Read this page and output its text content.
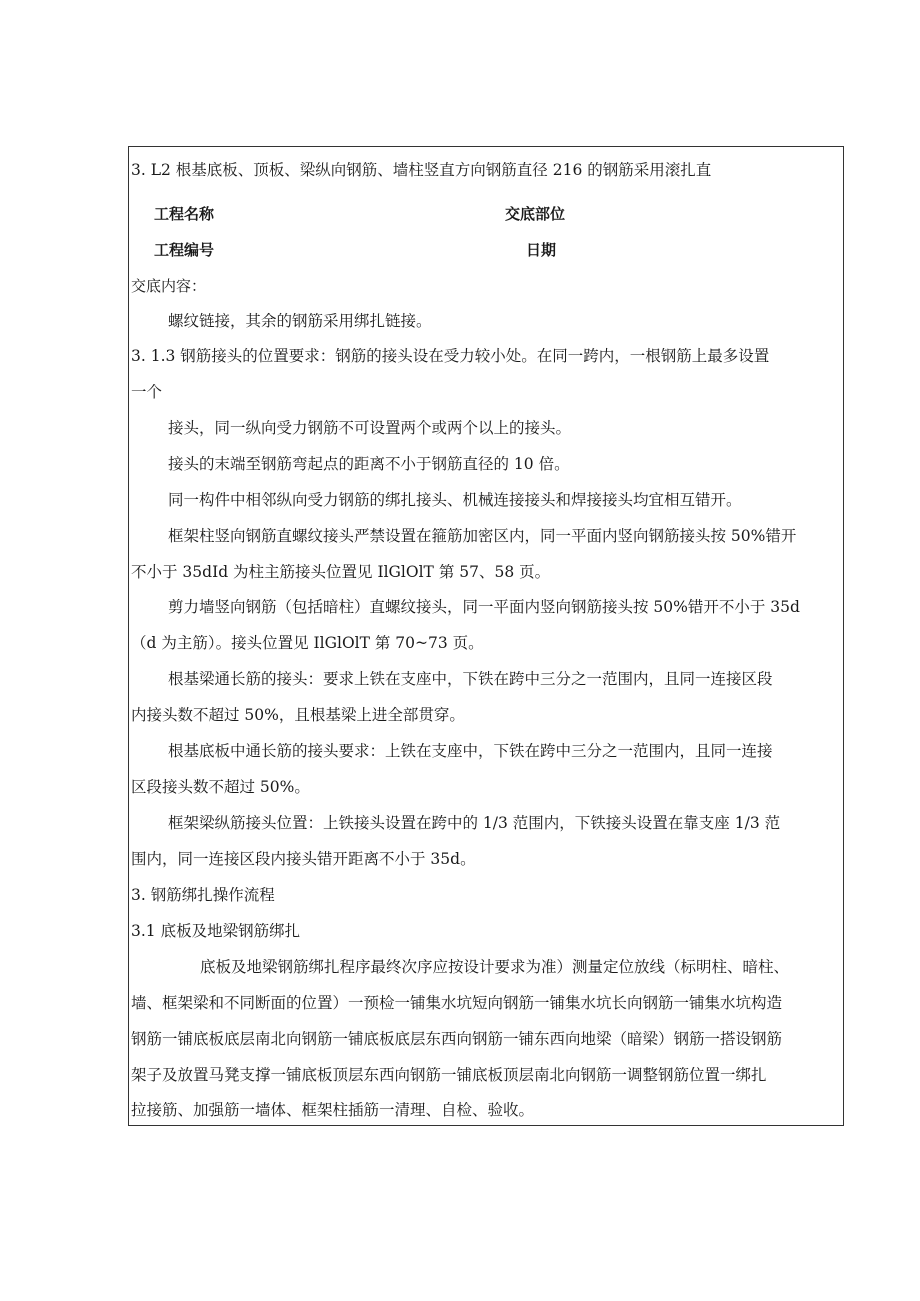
3. L2 根基底板、顶板、梁纵向钢筋、墙柱竖直方向钢筋直径 216 的钢筋采用滚扎直
工程名称	交底部位
工程编号	日期
交底内容：
螺纹链接，其余的钢筋采用绑扎链接。
3. 1.3 钢筋接头的位置要求：钢筋的接头设在受力较小处。在同一跨内，一根钢筋上最多设置
一个
接头，同一纵向受力钢筋不可设置两个或两个以上的接头。
接头的末端至钢筋弯起点的距离不小于钢筋直径的 10 倍。
同一构件中相邻纵向受力钢筋的绑扎接头、机械连接接头和焊接接头均宜相互错开。
框架柱竖向钢筋直螺纹接头严禁设置在箍筋加密区内，同一平面内竖向钢筋接头按 50%错开
不小于 35dId 为柱主筋接头位置见 IlGlOlT 第 57、58 页。
剪力墙竖向钢筋（包括暗柱）直螺纹接头，同一平面内竖向钢筋接头按 50%错开不小于 35d
（d 为主筋）。接头位置见 IlGlOlT 第 70~73 页。
根基梁通长筋的接头：要求上铁在支座中，下铁在跨中三分之一范围内，且同一连接区段
内接头数不超过 50%，且根基梁上进全部贯穿。
根基底板中通长筋的接头要求：上铁在支座中，下铁在跨中三分之一范围内，且同一连接
区段接头数不超过 50%。
框架梁纵筋接头位置：上铁接头设置在跨中的 1/3 范围内，下铁接头设置在靠支座 1/3 范
围内，同一连接区段内接头错开距离不小于 35d。
3. 钢筋绑扎操作流程
3.1 底板及地梁钢筋绑扎
底板及地梁钢筋绑扎程序最终次序应按设计要求为准）测量定位放线（标明柱、暗柱、
墙、框架梁和不同断面的位置）一预检一铺集水坑短向钢筋一铺集水坑长向钢筋一铺集水坑构造
钢筋一铺底板底层南北向钢筋一铺底板底层东西向钢筋一铺东西向地梁（暗梁）钢筋一搭设钢筋
架子及放置马凳支撑一铺底板顶层东西向钢筋一铺底板顶层南北向钢筋一调整钢筋位置一绑扎
拉接筋、加强筋一墙体、框架柱插筋一清理、自检、验收。
